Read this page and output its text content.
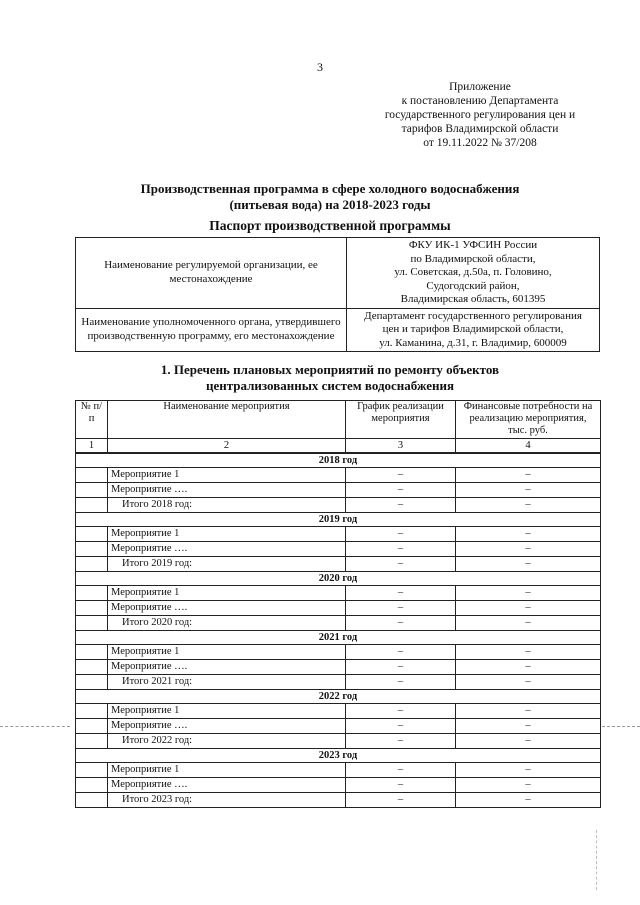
3
Приложение
к постановлению Департамента
государственного регулирования цен и
тарифов Владимирской области
от 19.11.2022 № 37/208
Производственная программа в сфере холодного водоснабжения
(питьевая вода) на 2018-2023 годы
Паспорт производственной программы
Наименование регулируемой организации, ее местонахождение	ФКУ ИК-1 УФСИН России
по Владимирской области,
ул. Советская, д.50а, п. Головино,
Судогодский район,
Владимирская область, 601395

Наименование уполномоченного органа, утвердившего производственную программу, его местонахождение	Департамент государственного регулирования
цен и тарифов Владимирской области,
ул. Каманина, д.31, г. Владимир, 600009
1. Перечень плановых мероприятий по ремонту объектов
централизованных систем водоснабжения
№ п/п	Наименование мероприятия	График реализации мероприятия	Финансовые потребности на реализацию мероприятия, тыс. руб.
1	2	3	4
2018 год			
	Мероприятие 1	–	–
	Мероприятие ….	–	–
	Итого 2018 год:	–	–
2019 год			
	Мероприятие 1	–	–
	Мероприятие ….	–	–
	Итого 2019 год:	–	–
2020 год			
	Мероприятие 1	–	–
	Мероприятие ….	–	–
	Итого 2020 год:	–	–
2021 год			
	Мероприятие 1	–	–
	Мероприятие ….	–	–
	Итого 2021 год:	–	–
2022 год			
	Мероприятие 1	–	–
	Мероприятие ….	–	–
	Итого 2022 год:	–	–
2023 год			
	Мероприятие 1	–	–
	Мероприятие ….	–	–
	Итого 2023 год:	–	–
